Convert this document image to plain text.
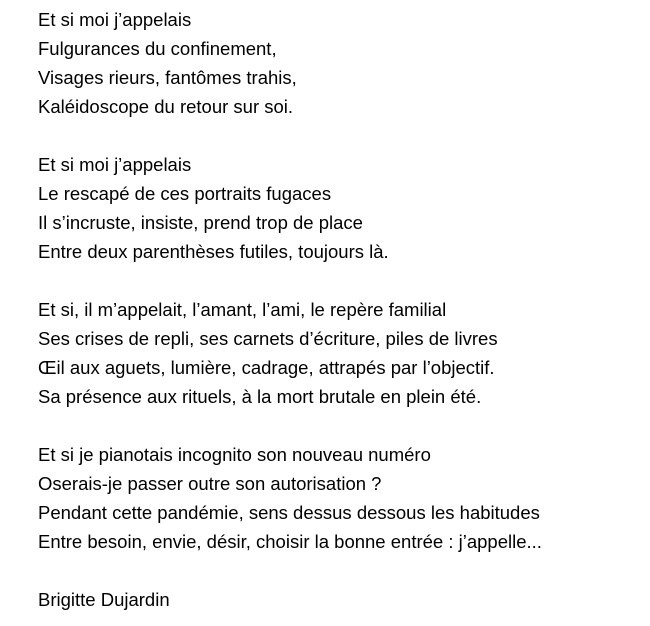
Et si moi j’appelais
Fulgurances du confinement,
Visages rieurs, fantômes trahis,
Kaléidoscope du retour sur soi.
Et si moi j’appelais
Le rescapé de ces portraits fugaces
Il s’incruste, insiste, prend trop de place
Entre deux parenthèses futiles, toujours là.
Et si, il m’appelait, l’amant, l’ami, le repère familial
Ses crises de repli, ses carnets d’écriture, piles de livres
Œil aux aguets, lumière, cadrage, attrapés par l’objectif.
Sa présence aux rituels, à la mort brutale en plein été.
Et si je pianotais incognito son nouveau numéro
Oserais-je passer outre son autorisation ?
Pendant cette pandémie, sens dessus dessous les habitudes
Entre besoin, envie, désir, choisir la bonne entrée : j’appelle...
Brigitte Dujardin
